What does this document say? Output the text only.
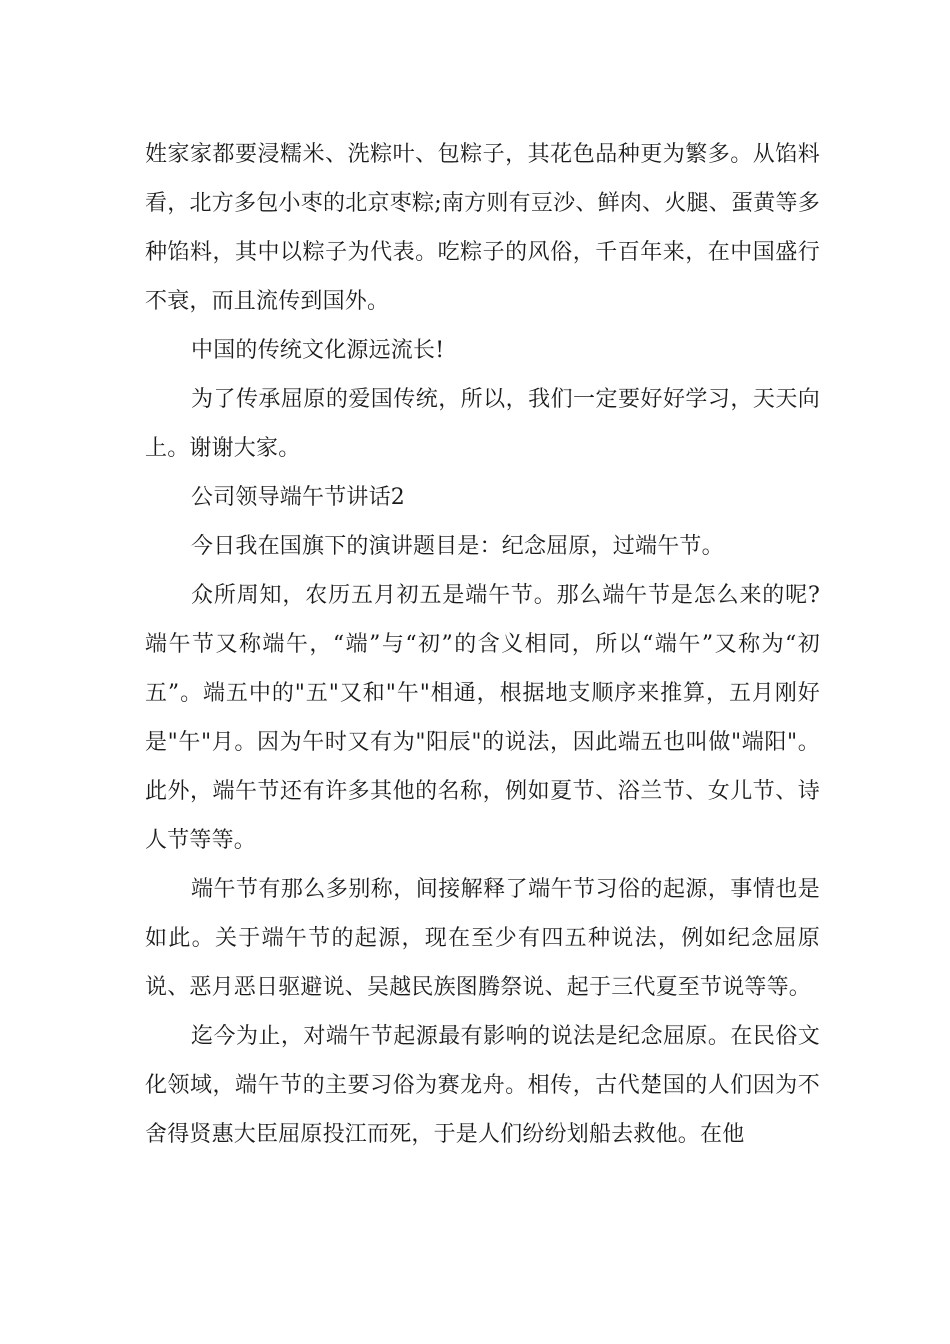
姓家家都要浸糯米、洗粽叶、包粽子，其花色品种更为繁多。从馅料看，北方多包小枣的北京枣粽;南方则有豆沙、鲜肉、火腿、蛋黄等多种馅料，其中以粽子为代表。吃粽子的风俗，千百年来，在中国盛行不衰，而且流传到国外。

中国的传统文化源远流长!

为了传承屈原的爱国传统，所以，我们一定要好好学习，天天向上。谢谢大家。

公司领导端午节讲话2

今日我在国旗下的演讲题目是：纪念屈原，过端午节。

众所周知，农历五月初五是端午节。那么端午节是怎么来的呢?端午节又称端午，“端”与“初”的含义相同，所以“端午”又称为“初五”。端五中的"五"又和"午"相通，根据地支顺序来推算，五月刚好是"午"月。因为午时又有为"阳辰"的说法，因此端五也叫做"端阳"。此外，端午节还有许多其他的名称，例如夏节、浴兰节、女儿节、诗人节等等。

端午节有那么多别称，间接解释了端午节习俗的起源，事情也是如此。关于端午节的起源，现在至少有四五种说法，例如纪念屈原说、恶月恶日驱避说、吴越民族图腾祭说、起于三代夏至节说等等。

迄今为止，对端午节起源最有影响的说法是纪念屈原。在民俗文化领域，端午节的主要习俗为赛龙舟。相传，古代楚国的人们因为不舍得贤惠大臣屈原投江而死，于是人们纷纷划船去救他。在他
